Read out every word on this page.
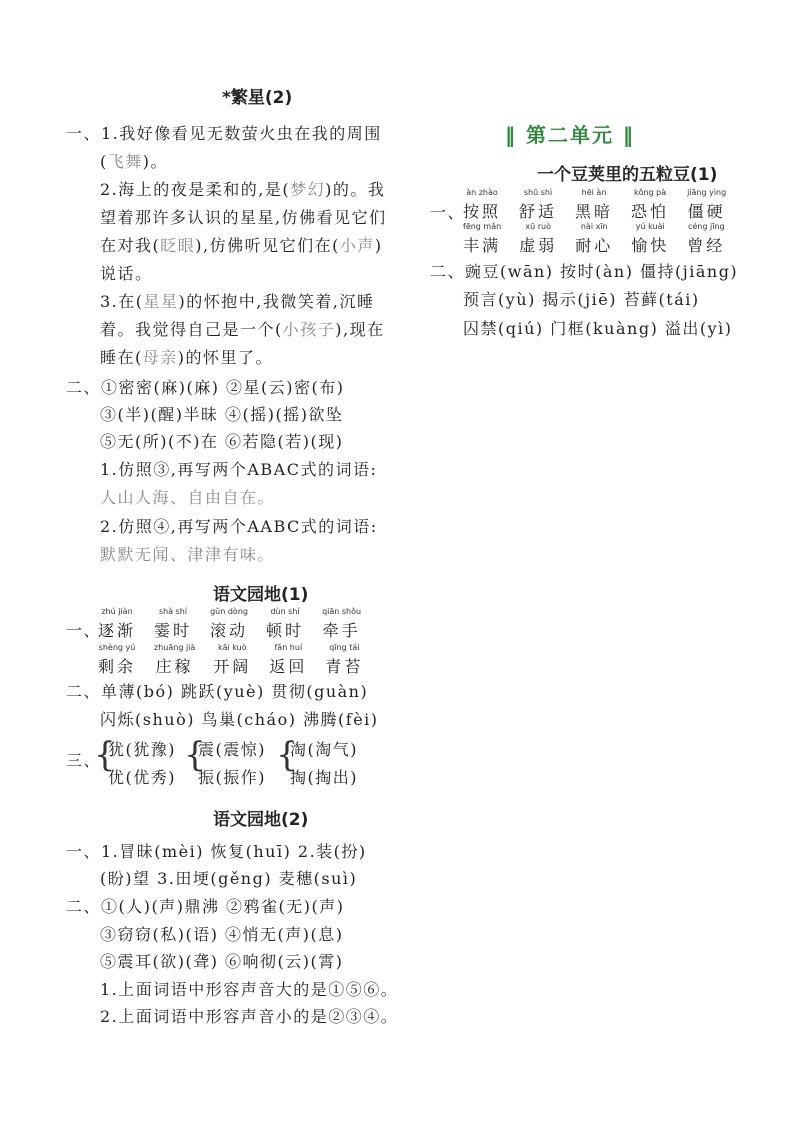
*繁星(2)
一、1.我好像看见无数萤火虫在我的周围
(飞舞)。
2.海上的夜是柔和的,是(梦幻)的。我
望着那许多认识的星星,仿佛看见它们
在对我(眨眼),仿佛听见它们在(小声)
说话。
3.在(星星)的怀抱中,我微笑着,沉睡
着。我觉得自己是一个(小孩子),现在
睡在(母亲)的怀里了。
二、①密密(麻)(麻) ②星(云)密(布)
③(半)(醒)半昧 ④(摇)(摇)欲坠
⑤无(所)(不)在 ⑥若隐(若)(现)
1.仿照③,再写两个ABAC式的词语:
人山人海、自由自在。
2.仿照④,再写两个AABC式的词语:
默默无闻、津津有味。
语文园地(1)
一、
zhú jiàn
逐渐
shà shí
霎时
gǔn dòng
滚动
dùn shí
顿时
qiān shǒu
牵手
shèng yú
剩余
zhuāng jià
庄稼
kāi kuò
开阔
fǎn huí
返回
qīng tái
青苔
二、单薄(bó) 跳跃(yuè) 贯彻(guàn)
闪烁(shuò) 鸟巢(cháo) 沸腾(fèi)
三、
{ { {
犹(犹豫) 震(震惊) 淘(淘气)
优(优秀) 振(振作) 掏(掏出)
语文园地(2)
一、1.冒昧(mèi) 恢复(huī) 2.装(扮)
(盼)望 3.田埂(gěng) 麦穗(suì)
二、①(人)(声)鼎沸 ②鸦雀(无)(声)
③窃窃(私)(语) ④悄无(声)(息)
⑤震耳(欲)(聋) ⑥响彻(云)(霄)
1.上面词语中形容声音大的是①⑤⑥。
2.上面词语中形容声音小的是②③④。
‖ 第二单元 ‖
一个豆荚里的五粒豆(1)
一、
àn zhào
按照
shū shì
舒适
hēi àn
黑暗
kǒng pà
恐怕
jiāng yìng
僵硬
fēng mǎn
丰满
xū ruò
虚弱
nài xīn
耐心
yú kuài
愉快
céng jīng
曾经
二、豌豆(wān) 按时(àn) 僵持(jiāng)
预言(yù) 揭示(jiē) 苔藓(tái)
囚禁(qiú) 门框(kuàng) 溢出(yì)
